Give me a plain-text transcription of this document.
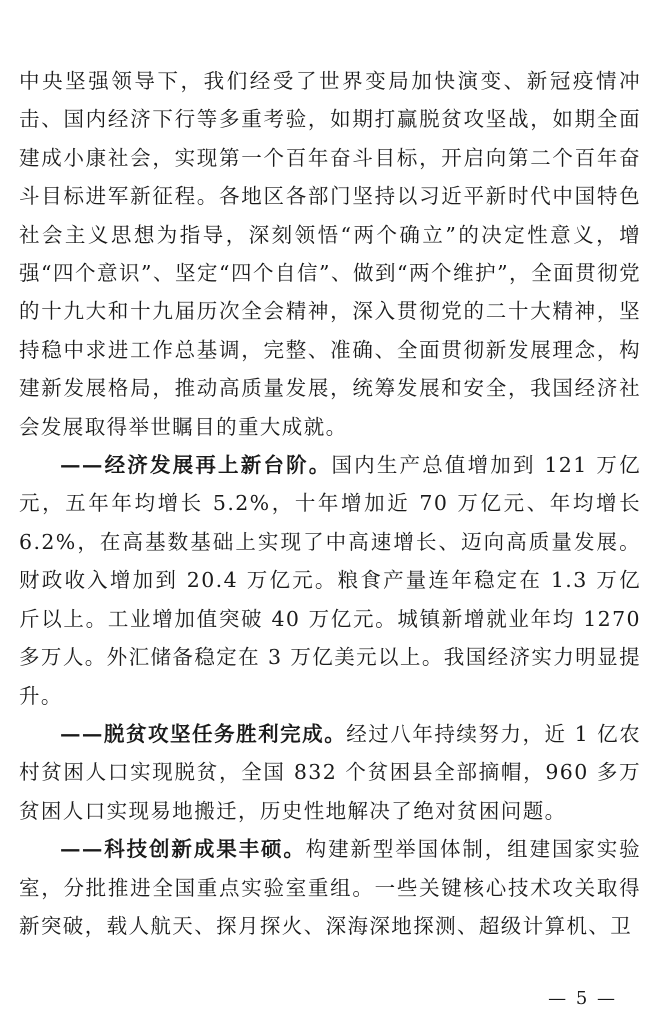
中央坚强领导下，我们经受了世界变局加快演变、新冠疫情冲击、国内经济下行等多重考验，如期打赢脱贫攻坚战，如期全面建成小康社会，实现第一个百年奋斗目标，开启向第二个百年奋斗目标进军新征程。各地区各部门坚持以习近平新时代中国特色社会主义思想为指导，深刻领悟“两个确立”的决定性意义，增强“四个意识”、坚定“四个自信”、做到“两个维护”，全面贯彻党的十九大和十九届历次全会精神，深入贯彻党的二十大精神，坚持稳中求进工作总基调，完整、准确、全面贯彻新发展理念，构建新发展格局，推动高质量发展，统筹发展和安全，我国经济社会发展取得举世瞩目的重大成就。

——经济发展再上新台阶。国内生产总值增加到 121 万亿元，五年年均增长 5.2%，十年增加近 70 万亿元、年均增长 6.2%，在高基数基础上实现了中高速增长、迈向高质量发展。财政收入增加到 20.4 万亿元。粮食产量连年稳定在 1.3 万亿斤以上。工业增加值突破 40 万亿元。城镇新增就业年均 1270 多万人。外汇储备稳定在 3 万亿美元以上。我国经济实力明显提升。

——脱贫攻坚任务胜利完成。经过八年持续努力，近 1 亿农村贫困人口实现脱贫，全国 832 个贫困县全部摘帽，960 多万贫困人口实现易地搬迁，历史性地解决了绝对贫困问题。

——科技创新成果丰硕。构建新型举国体制，组建国家实验室，分批推进全国重点实验室重组。一些关键核心技术攻关取得新突破，载人航天、探月探火、深海深地探测、超级计算机、卫

— 5 —
